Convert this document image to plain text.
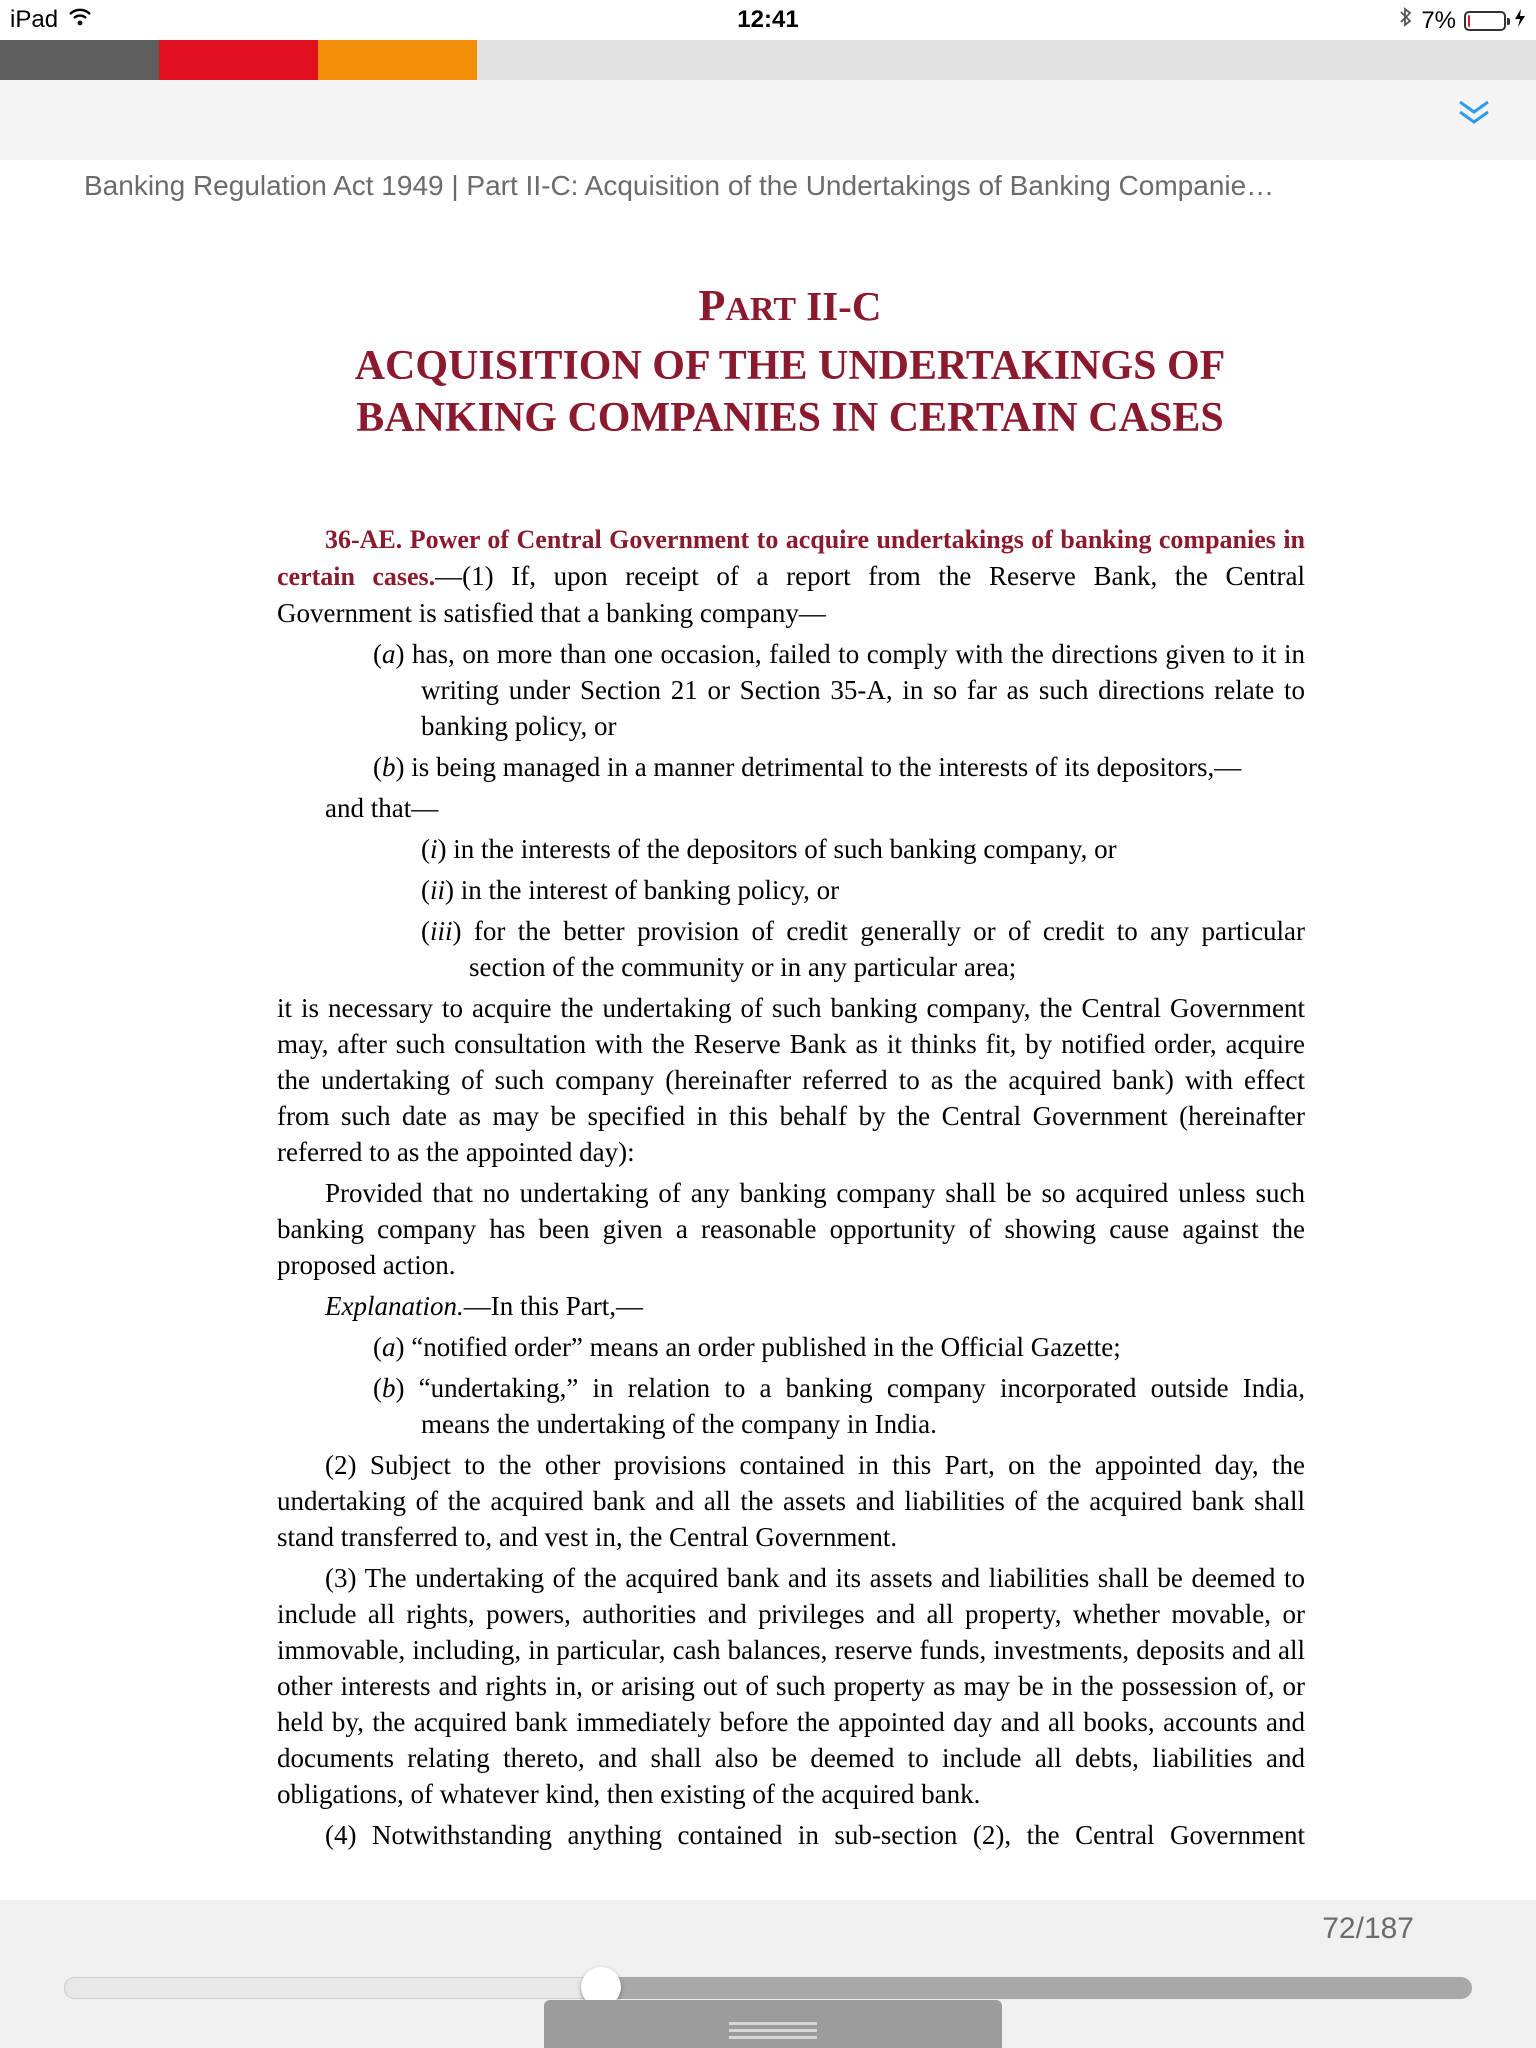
iPad	12:41	7%
Banking Regulation Act 1949 | Part II-C: Acquisition of the Undertakings of Banking Companie…
PART II-C
ACQUISITION OF THE UNDERTAKINGS OF
BANKING COMPANIES IN CERTAIN CASES

36-AE. Power of Central Government to acquire undertakings of banking companies in certain cases.—(1) If, upon receipt of a report from the Reserve Bank, the Central Government is satisfied that a banking company—

(a) has, on more than one occasion, failed to comply with the directions given to it in writing under Section 21 or Section 35-A, in so far as such directions relate to banking policy, or

(b) is being managed in a manner detrimental to the interests of its depositors,—

and that—

(i) in the interests of the depositors of such banking company, or

(ii) in the interest of banking policy, or

(iii) for the better provision of credit generally or of credit to any particular section of the community or in any particular area;

it is necessary to acquire the undertaking of such banking company, the Central Government may, after such consultation with the Reserve Bank as it thinks fit, by notified order, acquire the undertaking of such company (hereinafter referred to as the acquired bank) with effect from such date as may be specified in this behalf by the Central Government (hereinafter referred to as the appointed day):

Provided that no undertaking of any banking company shall be so acquired unless such banking company has been given a reasonable opportunity of showing cause against the proposed action.

Explanation.—In this Part,—

(a) “notified order” means an order published in the Official Gazette;

(b) “undertaking,” in relation to a banking company incorporated outside India, means the undertaking of the company in India.

(2) Subject to the other provisions contained in this Part, on the appointed day, the undertaking of the acquired bank and all the assets and liabilities of the acquired bank shall stand transferred to, and vest in, the Central Government.

(3) The undertaking of the acquired bank and its assets and liabilities shall be deemed to include all rights, powers, authorities and privileges and all property, whether movable, or immovable, including, in particular, cash balances, reserve funds, investments, deposits and all other interests and rights in, or arising out of such property as may be in the possession of, or held by, the acquired bank immediately before the appointed day and all books, accounts and documents relating thereto, and shall also be deemed to include all debts, liabilities and obligations, of whatever kind, then existing of the acquired bank.

(4) Notwithstanding anything contained in sub-section (2), the Central Government

72/187
